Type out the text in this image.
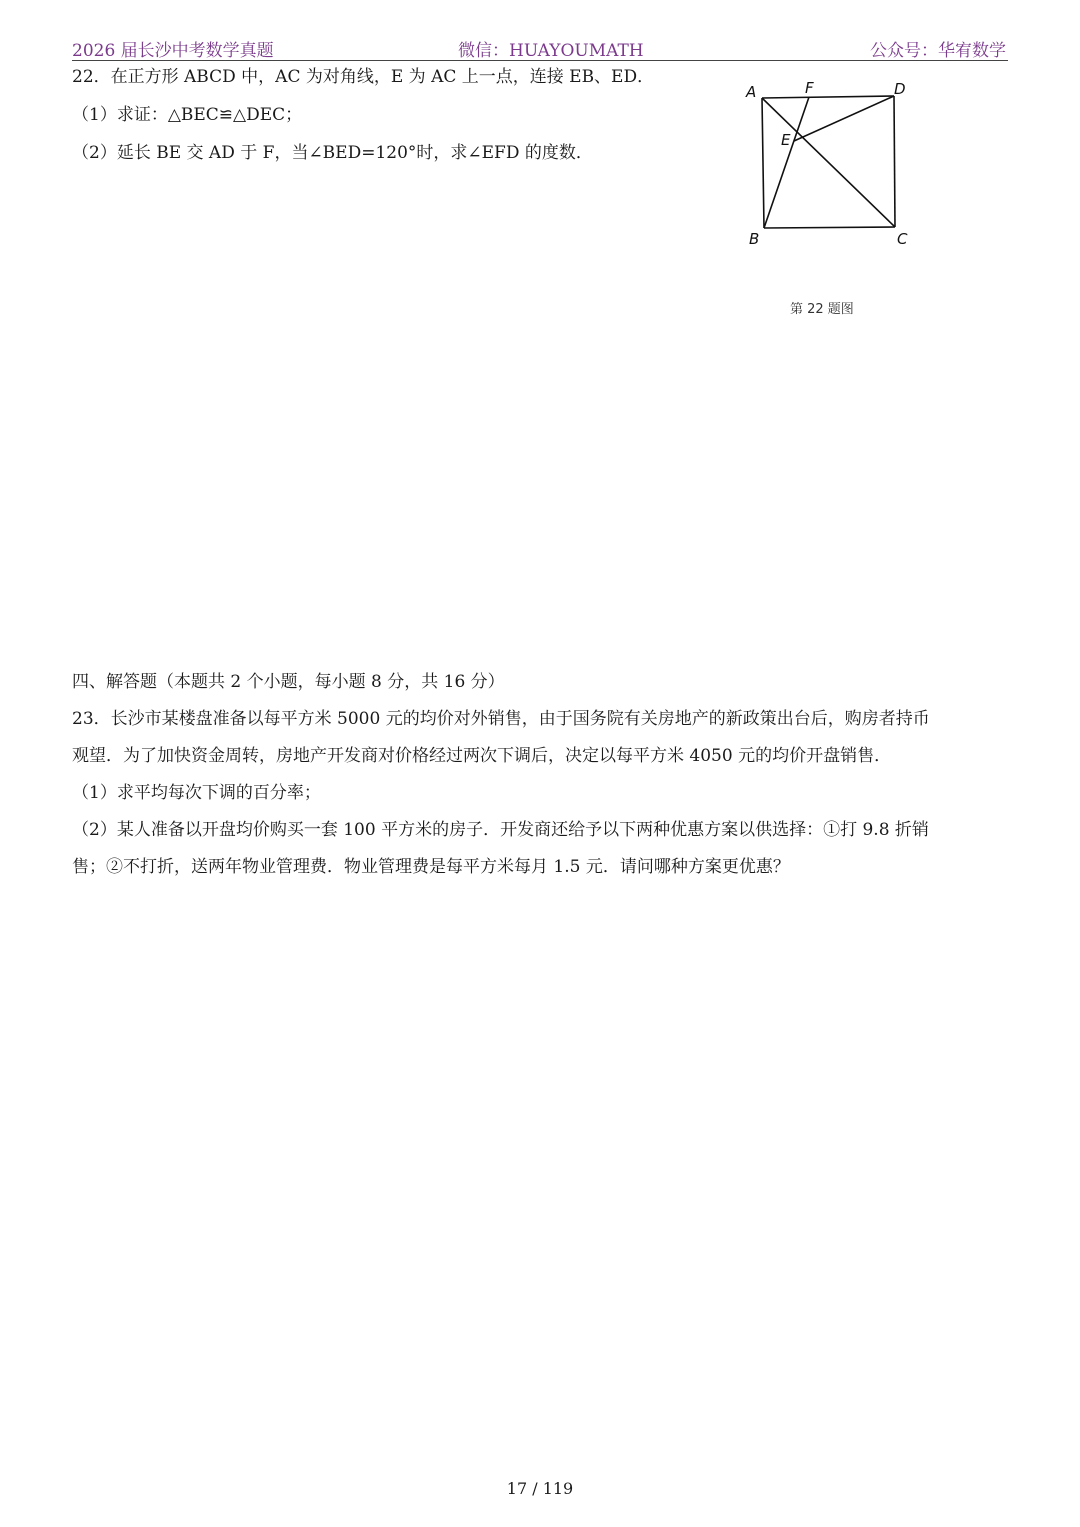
2026 届长沙中考数学真题	微信：HUAYOUMATH	公众号：华宥数学
22．在正方形 ABCD 中，AC 为对角线，E 为 AC 上一点，连接 EB、ED．
（1）求证：△BEC≌△DEC；
（2）延长 BE 交 AD 于 F，当∠BED=120°时，求∠EFD 的度数．
A	F	D
E
B	C
第 22 题图
四、解答题（本题共 2 个小题，每小题 8 分，共 16 分）
23．长沙市某楼盘准备以每平方米 5000 元的均价对外销售，由于国务院有关房地产的新政策出台后，购房者持币
观望．为了加快资金周转，房地产开发商对价格经过两次下调后，决定以每平方米 4050 元的均价开盘销售．
（1）求平均每次下调的百分率；
（2）某人准备以开盘均价购买一套 100 平方米的房子．开发商还给予以下两种优惠方案以供选择：①打 9.8 折销
售；②不打折，送两年物业管理费．物业管理费是每平方米每月 1.5 元．请问哪种方案更优惠？
17 / 119
